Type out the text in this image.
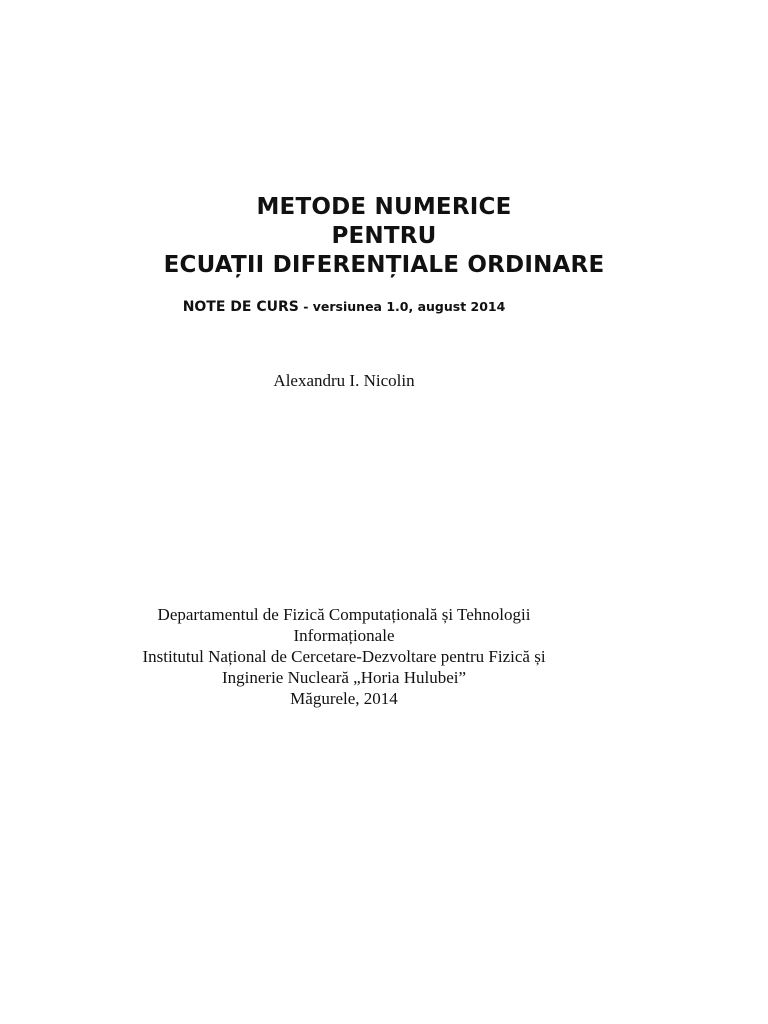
METODE NUMERICE
PENTRU
ECUAȚII DIFERENȚIALE ORDINARE
NOTE DE CURS - versiunea 1.0, august 2014
Alexandru I. Nicolin
Departamentul de Fizică Computațională și Tehnologii
Informaționale
Institutul Național de Cercetare-Dezvoltare pentru Fizică și
Inginerie Nucleară „Horia Hulubei”
Măgurele, 2014
